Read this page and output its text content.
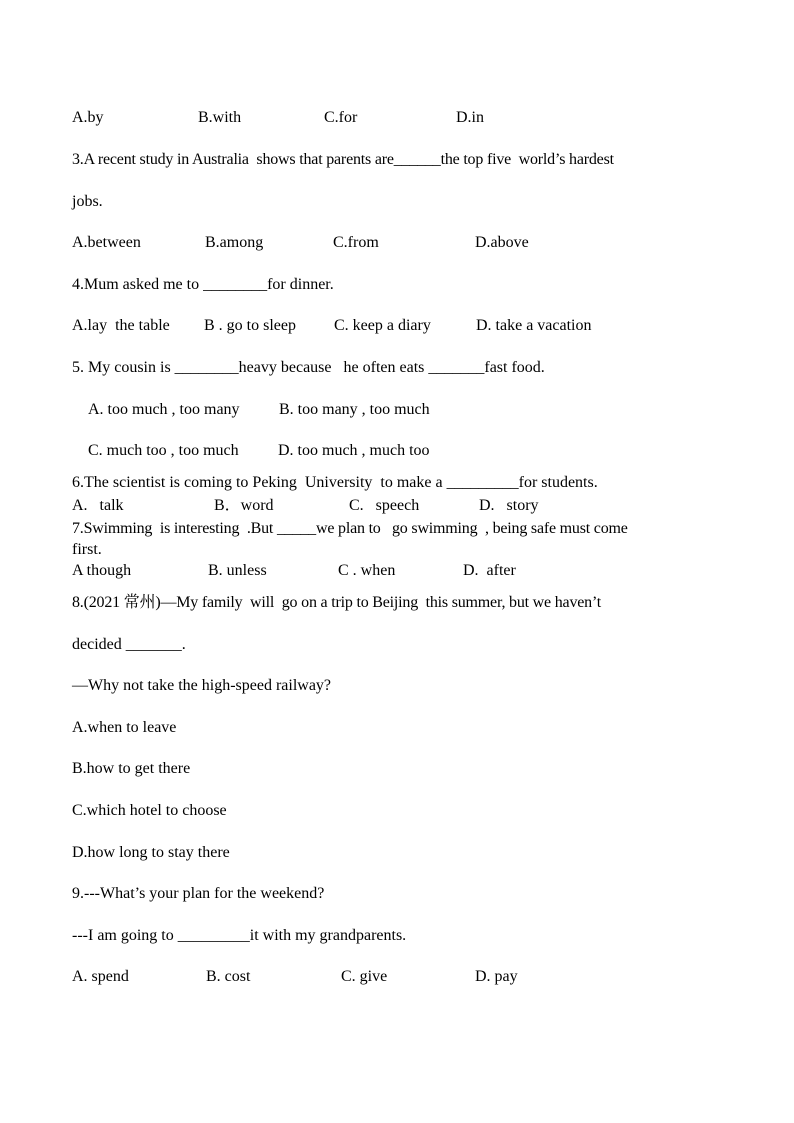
A.by	B.with	C.for	D.in
3.A recent study in Australia  shows that parents are______the top five  world’s hardest
jobs.
A.between	B.among	C.from	D.above
4.Mum asked me to ________for dinner.
A.lay  the table B . go to sleep C. keep a diary	D. take a vacation
5. My cousin is ________heavy because   he often eats _______fast food.
A. too much , too many B. too many , too much
C. much too , too much D. too much , much too
6.The scientist is coming to Peking  University  to make a _________for students.
A.   talk	B．word	C.   speech	D.   story
7.Swimming  is interesting  .But _____we plan to   go swimming  , being safe must come
first.
A though	B. unless	C . when	D.  after
8.(2021 常州)—My family  will  go on a trip to Beijing  this summer, but we haven’t
decided _______.
—Why not take the high-speed railway?
A.when to leave
B.how to get there
C.which hotel to choose
D.how long to stay there
9.---What’s your plan for the weekend?
---I am going to _________it with my grandparents.
A. spend	B. cost	C. give	D. pay
